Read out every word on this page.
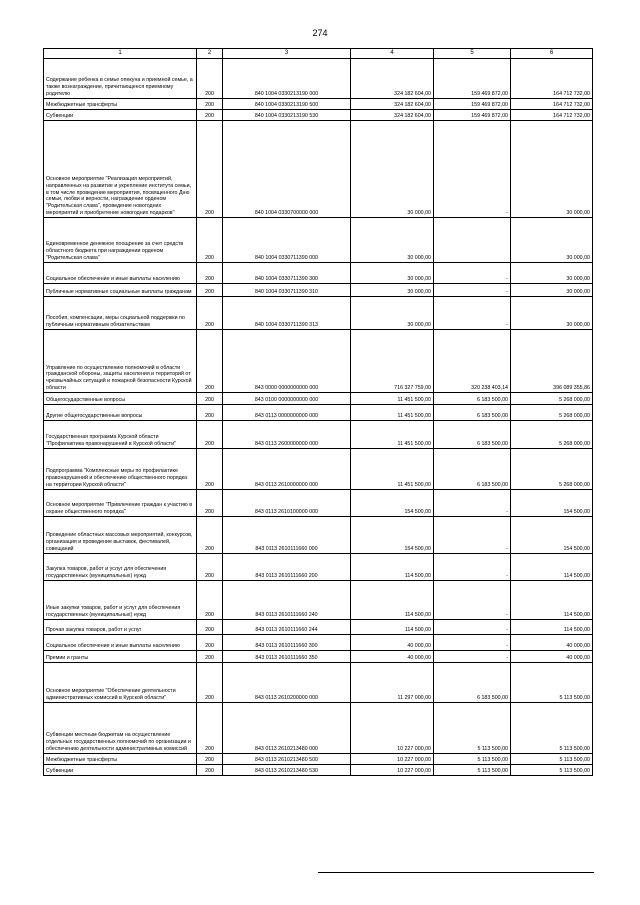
274
1	2	3	4	5	6
Содержание ребенка в семье опекуна и приемной семье, а также вознаграждение, причитающееся приемному родителю	200	840 1004 0330213190 000	324 182 604,00	159 469 872,00	164 712 732,00
Межбюджетные трансферты	200	840 1004 0330213190 500	324 182 604,00	159 469 872,00	164 712 732,00
Субвенции	200	840 1004 0330213190 530	324 182 604,00	159 469 872,00	164 712 732,00
Основное мероприятие "Реализация мероприятий, направленных на развитие и укрепление института семьи, в том числе проведение мероприятия, посвященного Дню семьи, любви и верности, награждение орденом "Родительская слава", проведение новогодних мероприятий и приобретение новогодних подарков"	200	840 1004 0330700000 000	30 000,00	-	30 000,00
Единовременное денежное поощрение за счет средств областного бюджета при награждении орденом "Родительская слава"	200	840 1004 0330711390 000	30 000,00		30 000,00
Социальное обеспечение и иные выплаты населению	200	840 1004 0330711390 300	30 000,00	-	30 000,00
Публичные нормативные социальные выплаты гражданам	200	840 1004 0330711390 310	30 000,00	-	30 000,00
Пособия, компенсации, меры социальной поддержки по публичным нормативным обязательствам	200	840 1004 0330711390 313	30 000,00	-	30 000,00
Управление по осуществлению полномочий в области гражданской обороны, защиты населения и территорий от чрезвычайных ситуаций и пожарной безопасности Курской области	200	843 0000 0000000000 000	716 327 759,00	320 238 403,14	396 089 355,86
Общегосударственные вопросы	200	843 0100 0000000000 000	11 451 500,00	6 183 500,00	5 268 000,00
Другие общегосударственные вопросы	200	843 0113 0000000000 000	11 451 500,00	6 183 500,00	5 268 000,00
Государственная программа Курской области "Профилактика правонарушений в Курской области"	200	843 0113 2600000000 000	11 451 500,00	6 183 500,00	5 268 000,00
Подпрограмма "Комплексные меры по профилактике правонарушений и обеспечению общественного порядка на территории Курской области"	200	843 0113 2610000000 000	11 451 500,00	6 183 500,00	5 268 000,00
Основное мероприятие "Привлечение граждан к участию в охране общественного порядка"	200	843 0113 2610100000 000	154 500,00	-	154 500,00
Проведение областных массовых мероприятий, конкурсов, организация и проведение выставок, фестивалей, совещаний	200	843 0113 2610111660 000	154 500,00	-	154 500,00
Закупка товаров, работ и услуг для обеспечения государственных (муниципальных) нужд	200	843 0113 2610111660 200	114 500,00	-	114 500,00
Иные закупки товаров, работ и услуг для обеспечения государственных (муниципальных) нужд	200	843 0113 2610111660 240	114 500,00	-	114 500,00
Прочая закупка товаров, работ и услуг	200	843 0113 2610111660 244	114 500,00	-	114 500,00
Социальное обеспечение и иные выплаты населению	200	843 0113 2610111660 300	40 000,00	-	40 000,00
Премии и гранты	200	843 0113 2610111660 350	40 000,00	-	40 000,00
Основное мероприятие "Обеспечение деятельности административных комиссий в Курской области"	200	843 0113 2610200000 000	11 297 000,00	6 183 500,00	5 113 500,00
Субвенции местным бюджетам на осуществление отдельных государственных полномочий по организации и обеспечению деятельности административных комиссий	200	843 0113 2610213480 000	10 227 000,00	5 113 500,00	5 113 500,00
Межбюджетные трансферты	200	843 0113 2610213480 500	10 227 000,00	5 113 500,00	5 113 500,00
Субвенции	200	843 0113 2610213480 530	10 227 000,00	5 113 500,00	5 113 500,00
